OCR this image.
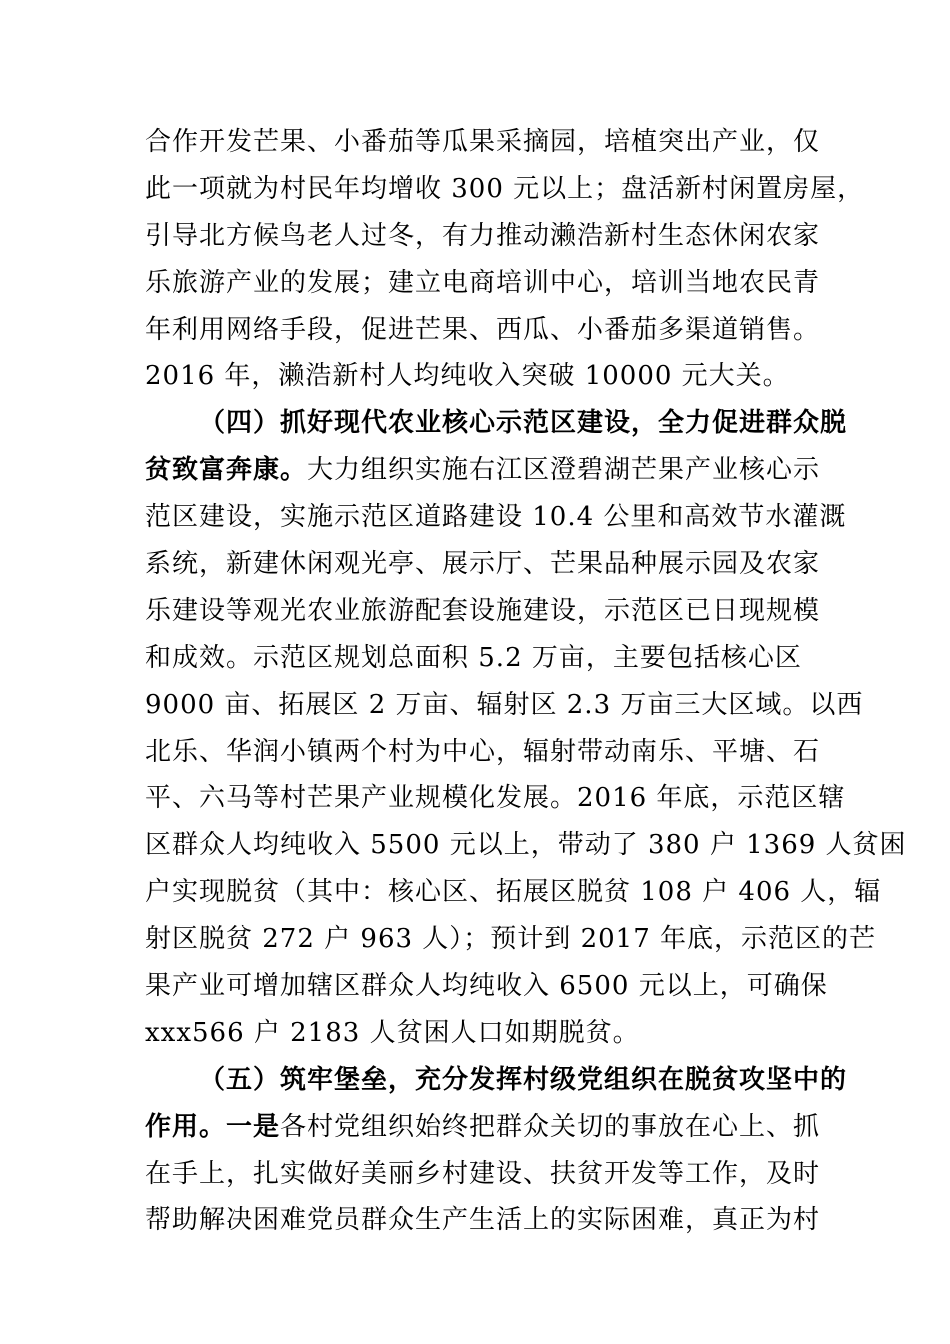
合作开发芒果、小番茄等瓜果采摘园，培植突出产业，仅
此一项就为村民年均增收 300 元以上；盘活新村闲置房屋，
引导北方候鸟老人过冬，有力推动濑浩新村生态休闲农家
乐旅游产业的发展；建立电商培训中心，培训当地农民青
年利用网络手段，促进芒果、西瓜、小番茄多渠道销售。
2016 年，濑浩新村人均纯收入突破 10000 元大关。
（四）抓好现代农业核心示范区建设，全力促进群众脱
贫致富奔康。大力组织实施右江区澄碧湖芒果产业核心示
范区建设，实施示范区道路建设 10.4 公里和高效节水灌溉
系统，新建休闲观光亭、展示厅、芒果品种展示园及农家
乐建设等观光农业旅游配套设施建设，示范区已日现规模
和成效。示范区规划总面积 5.2 万亩，主要包括核心区
9000 亩、拓展区 2 万亩、辐射区 2.3 万亩三大区域。以西
北乐、华润小镇两个村为中心，辐射带动南乐、平塘、石
平、六马等村芒果产业规模化发展。2016 年底，示范区辖
区群众人均纯收入 5500 元以上，带动了 380 户 1369 人贫困
户实现脱贫（其中：核心区、拓展区脱贫 108 户 406 人，辐
射区脱贫 272 户 963 人）；预计到 2017 年底，示范区的芒
果产业可增加辖区群众人均纯收入 6500 元以上，可确保
xxx566 户 2183 人贫困人口如期脱贫。
（五）筑牢堡垒，充分发挥村级党组织在脱贫攻坚中的
作用。一是各村党组织始终把群众关切的事放在心上、抓
在手上，扎实做好美丽乡村建设、扶贫开发等工作，及时
帮助解决困难党员群众生产生活上的实际困难，真正为村
